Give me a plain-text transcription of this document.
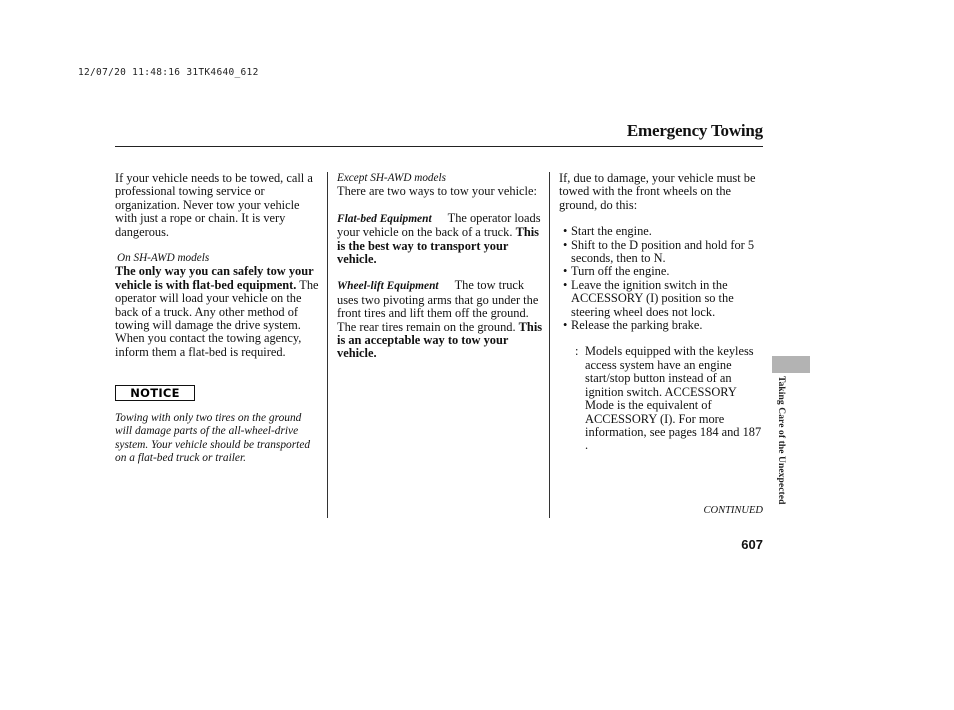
12/07/20 11:48:16 31TK4640_612
Emergency Towing

If your vehicle needs to be towed, call a professional towing service or organization. Never tow your vehicle with just a rope or chain. It is very dangerous.

On SH-AWD models

The only way you can safely tow your vehicle is with flat-bed equipment. The operator will load your vehicle on the back of a truck. Any other method of towing will damage the drive system. When you contact the towing agency, inform them a flat-bed is required.

NOTICE
Towing with only two tires on the ground will damage parts of the all-wheel-drive system. Your vehicle should be transported on a flat-bed truck or trailer.

Except SH-AWD models

There are two ways to tow your vehicle:

Flat-bed Equipment The operator loads your vehicle on the back of a truck. This is the best way to transport your vehicle.

Wheel-lift Equipment The tow truck uses two pivoting arms that go under the front tires and lift them off the ground. The rear tires remain on the ground. This is an acceptable way to tow your vehicle.

If, due to damage, your vehicle must be towed with the front wheels on the ground, do this:

• Start the engine.
• Shift to the D position and hold for 5 seconds, then to N.
• Turn off the engine.
• Leave the ignition switch in the ACCESSORY (I) position so the steering wheel does not lock.
• Release the parking brake.
: Models equipped with the keyless access system have an engine start/stop button instead of an ignition switch. ACCESSORY Mode is the equivalent of ACCESSORY (I). For more information, see pages 184 and 187 .	Taking Care of the Unexpected
CONTINUED
607
